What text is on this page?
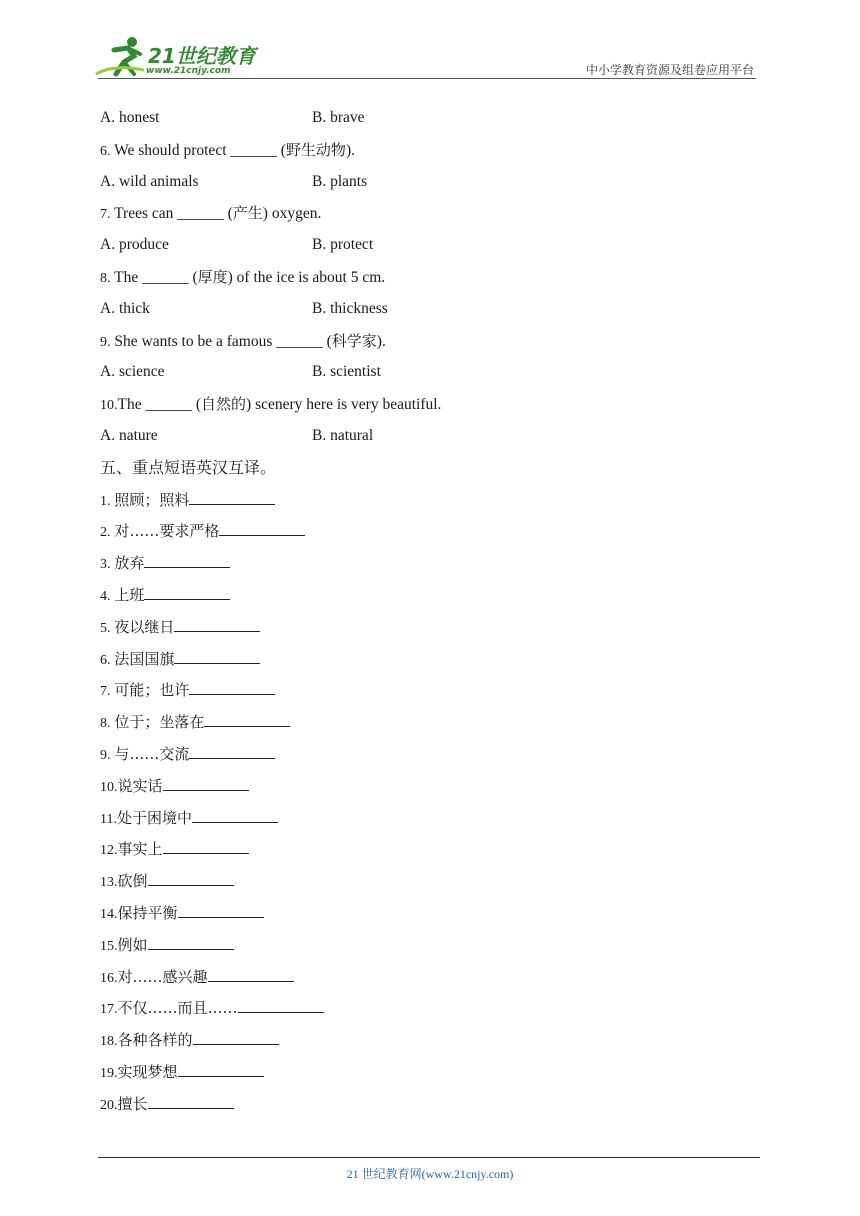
21世纪教育
www.21cnjy.com	中小学教育资源及组卷应用平台
A. honest	B. brave
6. We should protect ______ (野生动物).
A. wild animals	B. plants
7. Trees can ______ (产生) oxygen.
A. produce	B. protect
8. The ______ (厚度) of the ice is about 5 cm.
A. thick	B. thickness
9. She wants to be a famous ______ (科学家).
A. science	B. scientist
10.The ______ (自然的) scenery here is very beautiful.
A. nature	B. natural
五、重点短语英汉互译。
1. 照顾；照料
2. 对……要求严格
3. 放弃
4. 上班
5. 夜以继日
6. 法国国旗
7. 可能；也许
8. 位于；坐落在
9. 与……交流
10.说实话
11.处于困境中
12.事实上
13.砍倒
14.保持平衡
15.例如
16.对……感兴趣
17.不仅……而且……
18.各种各样的
19.实现梦想
20.擅长
21 世纪教育网(www.21cnjy.com)
